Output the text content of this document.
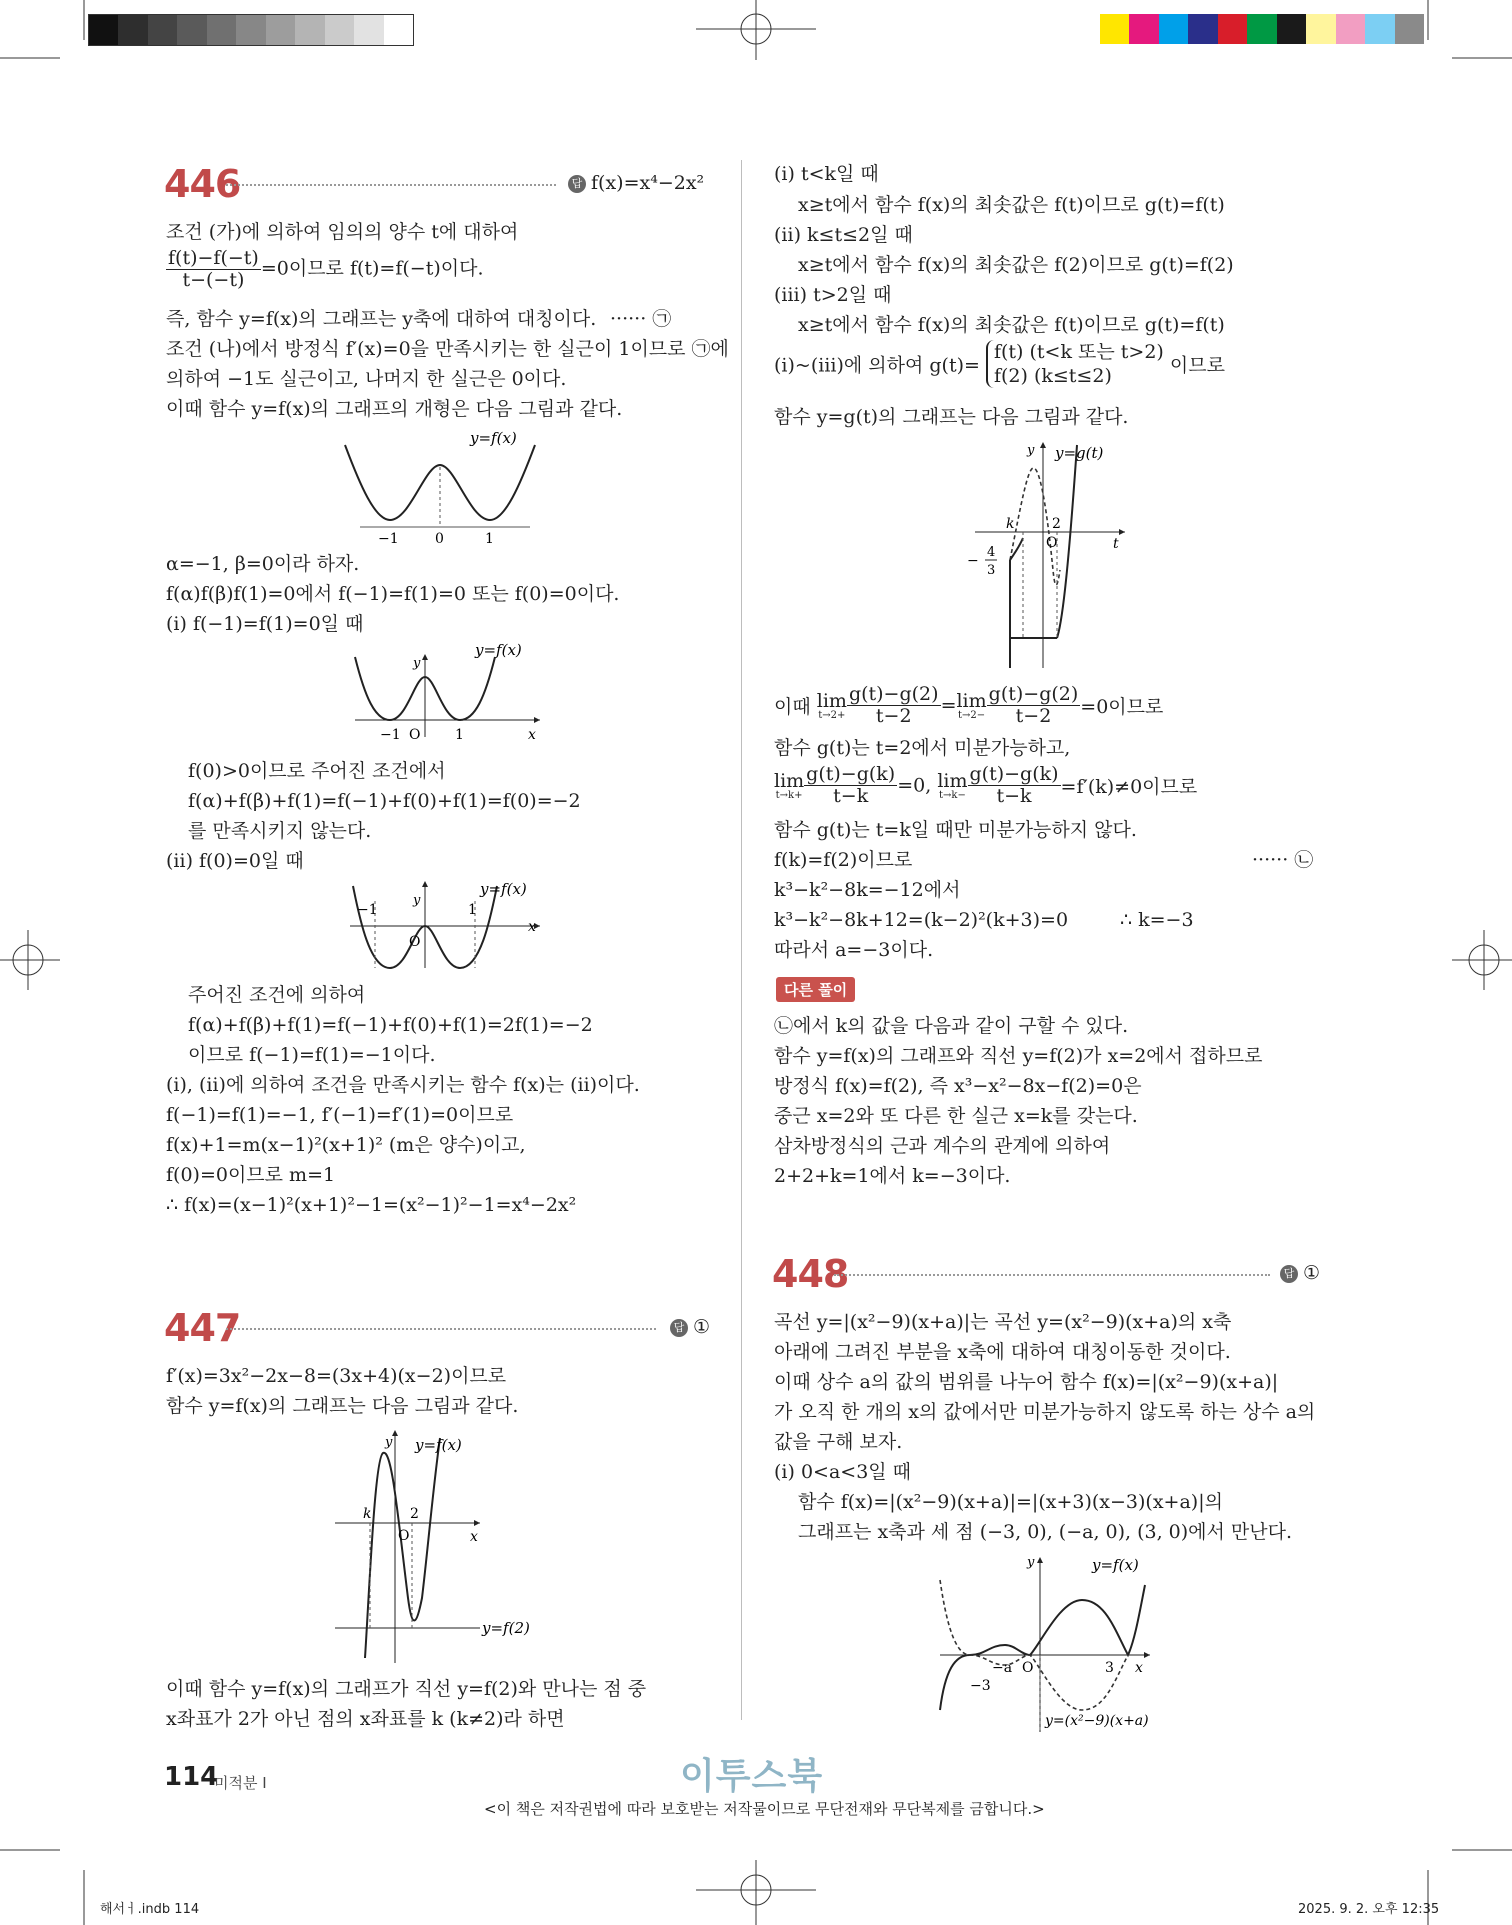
446	답 f(x)=x⁴−2x²
조건 (가)에 의하여 임의의 양수 t에 대하여
$\frac{f(t)-f(-t)}{t-(-t)} =0$이므로 f(t)=f(−t)이다.
즉, 함수 y=f(x)의 그래프는 y축에 대하여 대칭이다. ······ ㉠
조건 (나)에서 방정식 f′(x)=0을 만족시키는 한 실근이 1이므로 ㉠에
의하여 −1도 실근이고, 나머지 한 실근은 0이다.
이때 함수 y=f(x)의 그래프의 개형은 다음 그림과 같다.
y=f(x)
−1	0	1
α=−1, β=0이라 하자.
f(α)f(β)f(1)=0에서 f(−1)=f(1)=0 또는 f(0)=0이다.
(ⅰ) f(−1)=f(1)=0일 때
y=f(x)
y
−1 O 1	x
f(0)>0이므로 주어진 조건에서
f(α)+f(β)+f(1)=f(−1)+f(0)+f(1)=f(0)=−2
를 만족시키지 않는다.
(ⅱ) f(0)=0일 때
y=f(x)
y
−1
O
1
x
주어진 조건에 의하여
f(α)+f(β)+f(1)=f(−1)+f(0)+f(1)=2f(1)=−2
이므로 f(−1)=f(1)=−1이다.
(ⅰ), (ⅱ)에 의하여 조건을 만족시키는 함수 f(x)는 (ⅱ)이다.
f(−1)=f(1)=−1, f′(−1)=f′(1)=0이므로
f(x)+1=m(x−1)²(x+1)² (m은 양수)이고,
f(0)=0이므로 m=1
∴ f(x)=(x−1)²(x+1)²−1=(x²−1)²−1=x⁴−2x²
447	답 ①
f′(x)=3x²−2x−8=(3x+4)(x−2)이므로
함수 y=f(x)의 그래프는 다음 그림과 같다.
y y=f(x)
k	2
O	x
y=f(2)
이때 함수 y=f(x)의 그래프가 직선 y=f(2)와 만나는 점 중
x좌표가 2가 아닌 점의 x좌표를 k (k≠2)라 하면
(ⅰ) t<k일 때
x≥t에서 함수 f(x)의 최솟값은 f(t)이므로 g(t)=f(t)
(ⅱ) k≤t≤2일 때
x≥t에서 함수 f(x)의 최솟값은 f(2)이므로 g(t)=f(2)
(ⅲ) t>2일 때
x≥t에서 함수 f(x)의 최솟값은 f(t)이므로 g(t)=f(t)
(ⅰ)~(ⅲ)에 의하여 g(t)=
f(t) (t<k 또는 t>2)
f(2) (k≤t≤2)	이므로
함수 y=g(t)의 그래프는 다음 그림과 같다.
y y=g(t)
k	2
O	t
−
4
3
이때 lim
$t\to 2+ \frac{g(t)-g(2)}{t-2} = \lim$
$t\to 2- \frac{g(t)-g(2)}{t-2} =0$이므로
함수 g(t)는 t=2에서 미분가능하고,
lim
$t\to k+ \frac{g(t)-g(k)}{t-k} =0$, lim
$t\to k- \frac{g(t)-g(k)}{t-k} =f'(k)\ne 0$이므로
함수 g(t)는 t=k일 때만 미분가능하지 않다.
f(k)=f(2)이므로	······ ㉡
k³−k²−8k=−12에서
k³−k²−8k+12=(k−2)²(k+3)=0	∴ k=−3
따라서 a=−3이다.
다른 풀이
㉡에서 k의 값을 다음과 같이 구할 수 있다.
함수 y=f(x)의 그래프와 직선 y=f(2)가 x=2에서 접하므로
방정식 f(x)=f(2), 즉 x³−x²−8x−f(2)=0은
중근 x=2와 또 다른 한 실근 x=k를 갖는다.
삼차방정식의 근과 계수의 관계에 의하여
2+2+k=1에서 k=−3이다.
448	답 ①
곡선 y=|(x²−9)(x+a)|는 곡선 y=(x²−9)(x+a)의 x축
아래에 그려진 부분을 x축에 대하여 대칭이동한 것이다.
이때 상수 a의 값의 범위를 나누어 함수 f(x)=|(x²−9)(x+a)|
가 오직 한 개의 x의 값에서만 미분가능하지 않도록 하는 상수 a의
값을 구해 보자.
(ⅰ) 0<a<3일 때
함수 f(x)=|(x²−9)(x+a)|=|(x+3)(x−3)(x+a)|의
그래프는 x축과 세 점 (−3, 0), (−a, 0), (3, 0)에서 만난다.
y	y=f(x)
−a O	3 x
−3
y=(x²−9)(x+a)
114
미적분 Ⅰ	이투스북
<이 책은 저작권법에 따라 보호받는 저작물이므로 무단전재와 무단복제를 금합니다.>
해서ㅓ.indb 114	2025. 9. 2. 오후 12:35
